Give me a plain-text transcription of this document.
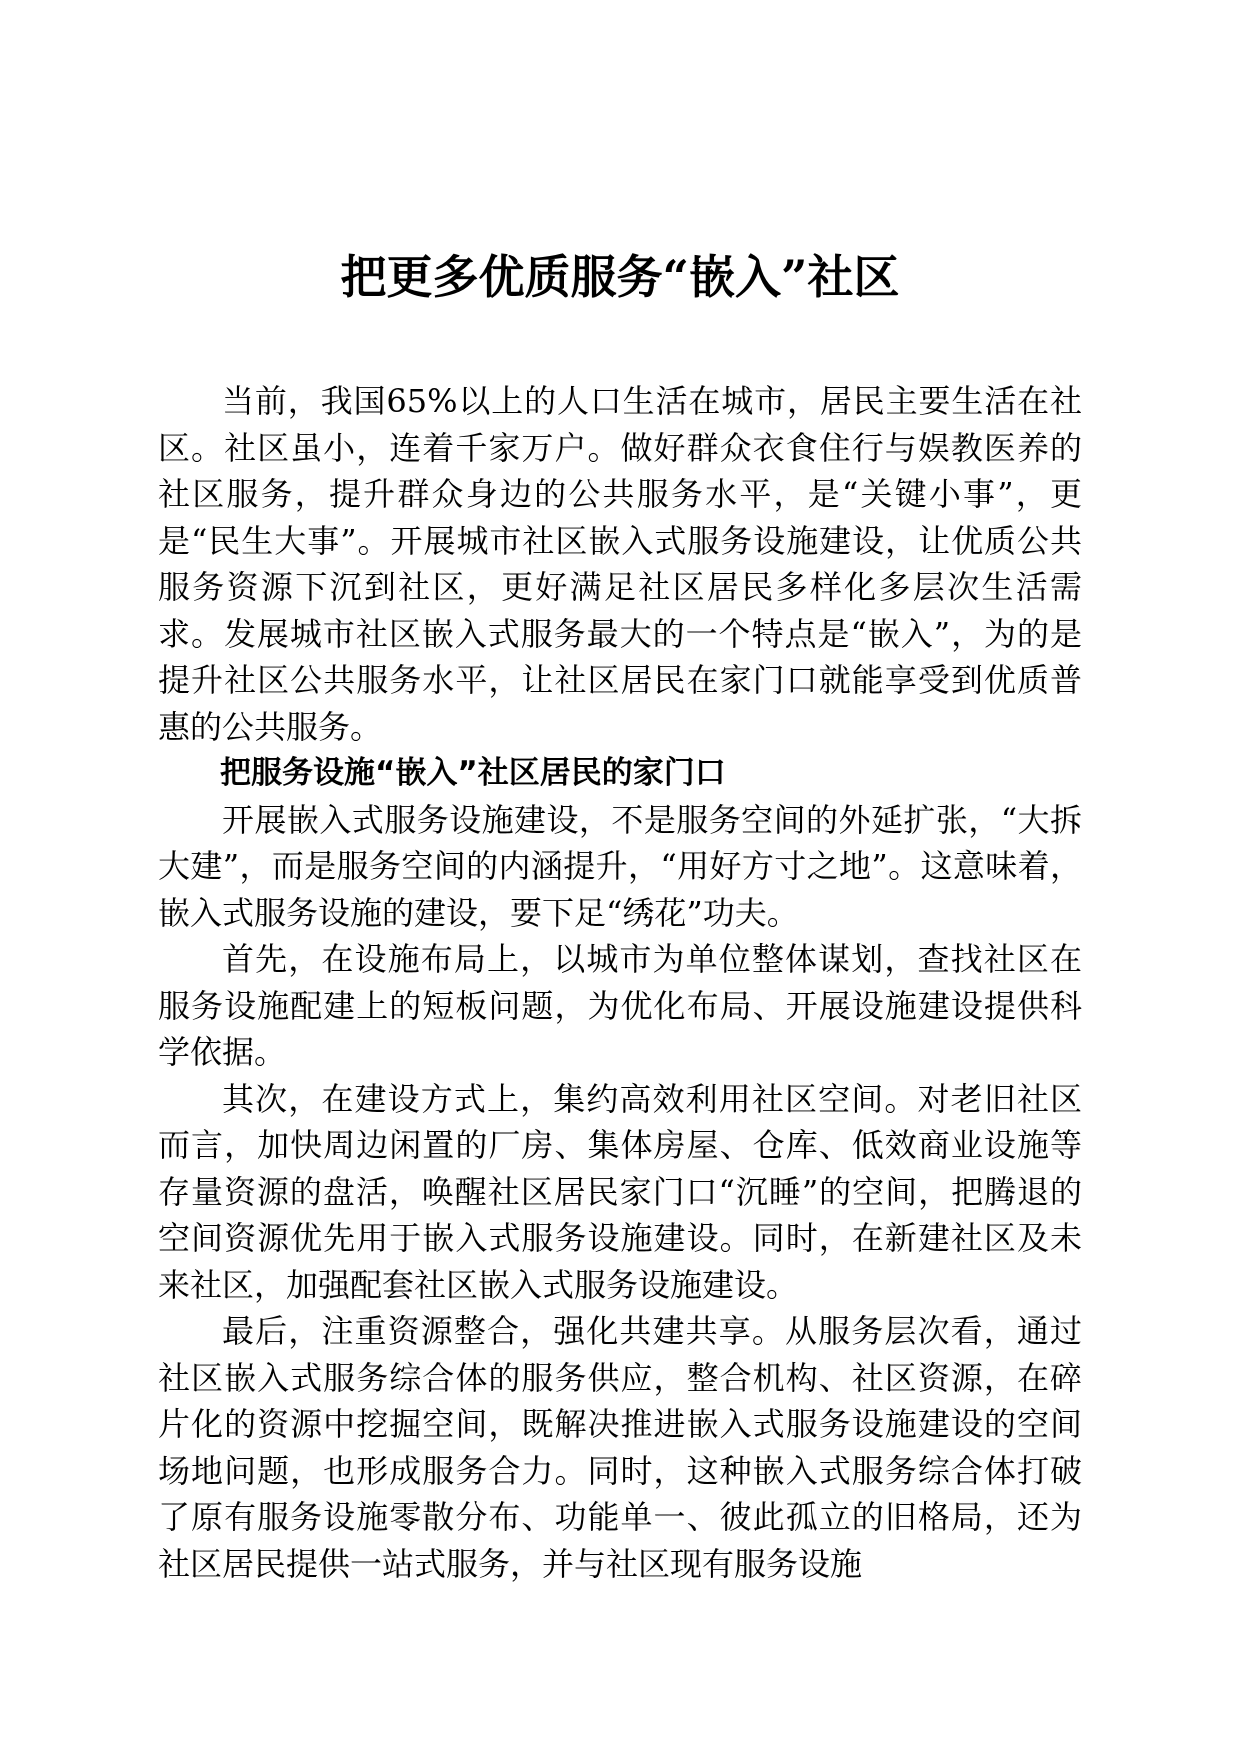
把更多优质服务“嵌入”社区

当前，我国65%以上的人口生活在城市，居民主要生活在社区。社区虽小，连着千家万户。做好群众衣食住行与娱教医养的社区服务，提升群众身边的公共服务水平，是“关键小事”，更是“民生大事”。开展城市社区嵌入式服务设施建设，让优质公共服务资源下沉到社区，更好满足社区居民多样化多层次生活需求。发展城市社区嵌入式服务最大的一个特点是“嵌入”，为的是提升社区公共服务水平，让社区居民在家门口就能享受到优质普惠的公共服务。

把服务设施“嵌入”社区居民的家门口

开展嵌入式服务设施建设，不是服务空间的外延扩张，“大拆大建”，而是服务空间的内涵提升，“用好方寸之地”。这意味着，嵌入式服务设施的建设，要下足“绣花”功夫。

首先，在设施布局上，以城市为单位整体谋划，查找社区在服务设施配建上的短板问题，为优化布局、开展设施建设提供科学依据。

其次，在建设方式上，集约高效利用社区空间。对老旧社区而言，加快周边闲置的厂房、集体房屋、仓库、低效商业设施等存量资源的盘活，唤醒社区居民家门口“沉睡”的空间，把腾退的空间资源优先用于嵌入式服务设施建设。同时，在新建社区及未来社区，加强配套社区嵌入式服务设施建设。

最后，注重资源整合，强化共建共享。从服务层次看，通过社区嵌入式服务综合体的服务供应，整合机构、社区资源，在碎片化的资源中挖掘空间，既解决推进嵌入式服务设施建设的空间场地问题，也形成服务合力。同时，这种嵌入式服务综合体打破了原有服务设施零散分布、功能单一、彼此孤立的旧格局，还为社区居民提供一站式服务，并与社区现有服务设施
